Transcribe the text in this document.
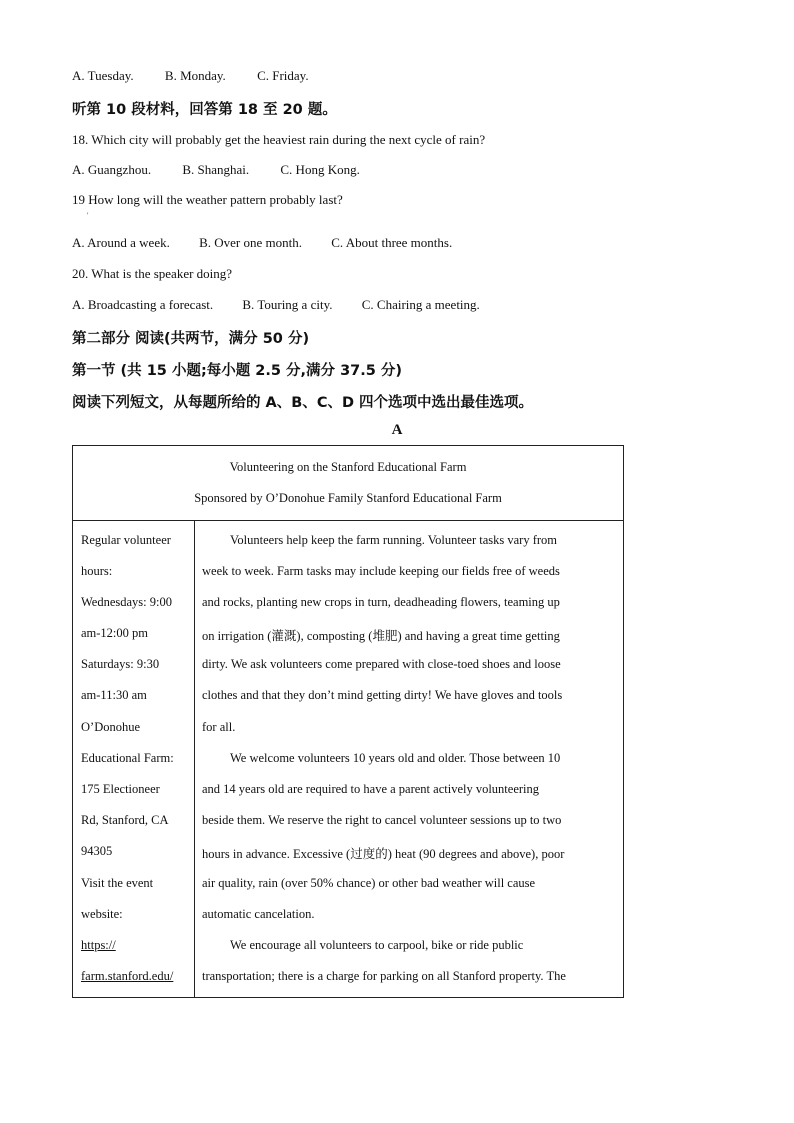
A. Tuesday. B. Monday. C. Friday.
听第 10 段材料，回答第 18 至 20 题。
18. Which city will probably get the heaviest rain during the next cycle of rain?
A. Guangzhou. B. Shanghai. C. Hong Kong.
19 How long will the weather pattern probably last?
'
A. Around a week. B. Over one month. C. About three months.
20. What is the speaker doing?
A. Broadcasting a forecast. B. Touring a city. C. Chairing a meeting.
第二部分 阅读(共两节，满分 50 分)
第一节 (共 15 小题;每小题 2.5 分,满分 37.5 分)
阅读下列短文，从每题所给的 A、B、C、D 四个选项中选出最佳选项。
A
Volunteering on the Stanford Educational Farm
Sponsored by O’Donohue Family Stanford Educational Farm
Regular volunteer
hours:
Wednesdays: 9:00
am-12:00 pm
Saturdays: 9:30
am-11:30 am
O’Donohue
Educational Farm:
175 Electioneer
Rd, Stanford, CA
94305
Visit the event
website:
https://
farm.stanford.edu/
Volunteers help keep the farm running. Volunteer tasks vary from
week to week. Farm tasks may include keeping our fields free of weeds
and rocks, planting new crops in turn, deadheading flowers, teaming up
on irrigation (灌溉), composting (堆肥) and having a great time getting
dirty. We ask volunteers come prepared with close-toed shoes and loose
clothes and that they don’t mind getting dirty! We have gloves and tools
for all.
We welcome volunteers 10 years old and older. Those between 10
and 14 years old are required to have a parent actively volunteering
beside them. We reserve the right to cancel volunteer sessions up to two
hours in advance. Excessive (过度的) heat (90 degrees and above), poor
air quality, rain (over 50% chance) or other bad weather will cause
automatic cancelation.
We encourage all volunteers to carpool, bike or ride public
transportation; there is a charge for parking on all Stanford property. The
